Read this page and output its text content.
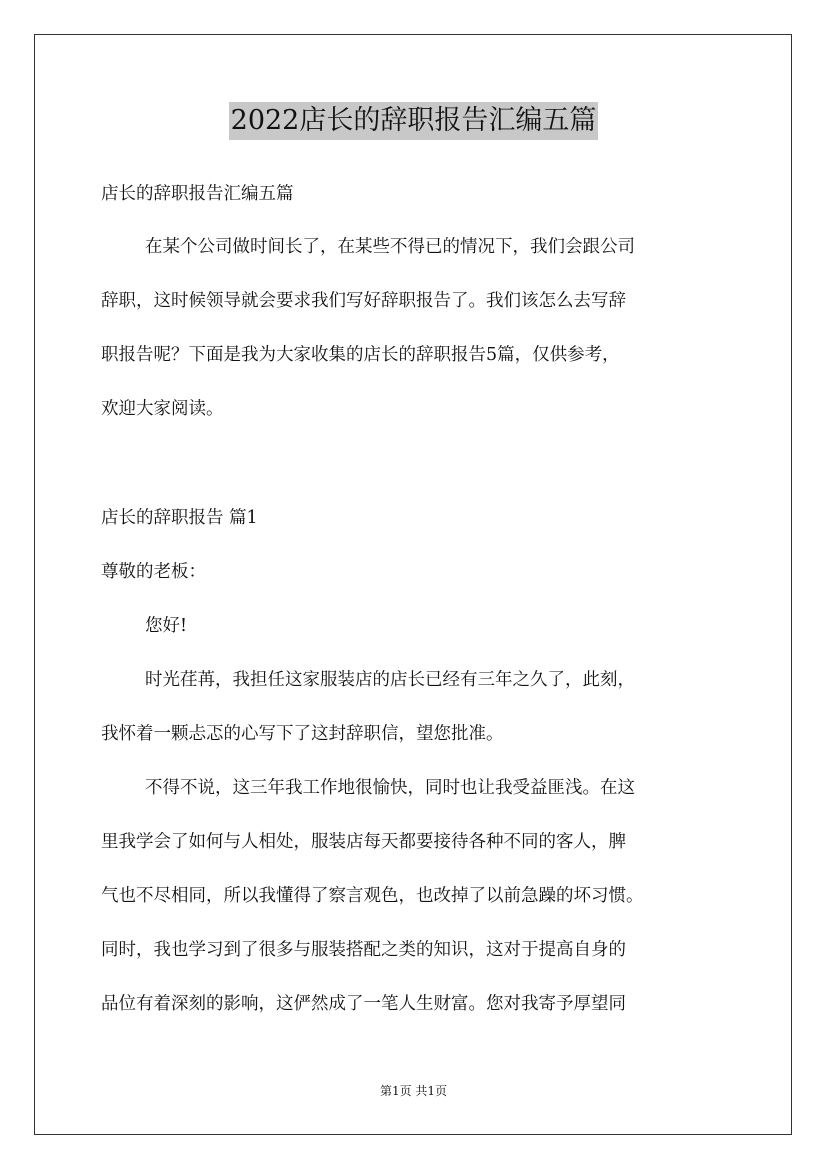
2022店长的辞职报告汇编五篇
店长的辞职报告汇编五篇
在某个公司做时间长了，在某些不得已的情况下，我们会跟公司
辞职，这时候领导就会要求我们写好辞职报告了。我们该怎么去写辞
职报告呢？下面是我为大家收集的店长的辞职报告5篇，仅供参考，
欢迎大家阅读。
店长的辞职报告 篇1
尊敬的老板：
您好!
时光荏苒，我担任这家服装店的店长已经有三年之久了，此刻，
我怀着一颗忐忑的心写下了这封辞职信，望您批准。
不得不说，这三年我工作地很愉快，同时也让我受益匪浅。在这
里我学会了如何与人相处，服装店每天都要接待各种不同的客人，脾
气也不尽相同，所以我懂得了察言观色，也改掉了以前急躁的坏习惯。
同时，我也学习到了很多与服装搭配之类的知识，这对于提高自身的
品位有着深刻的影响，这俨然成了一笔人生财富。您对我寄予厚望同
第1页 共1页
